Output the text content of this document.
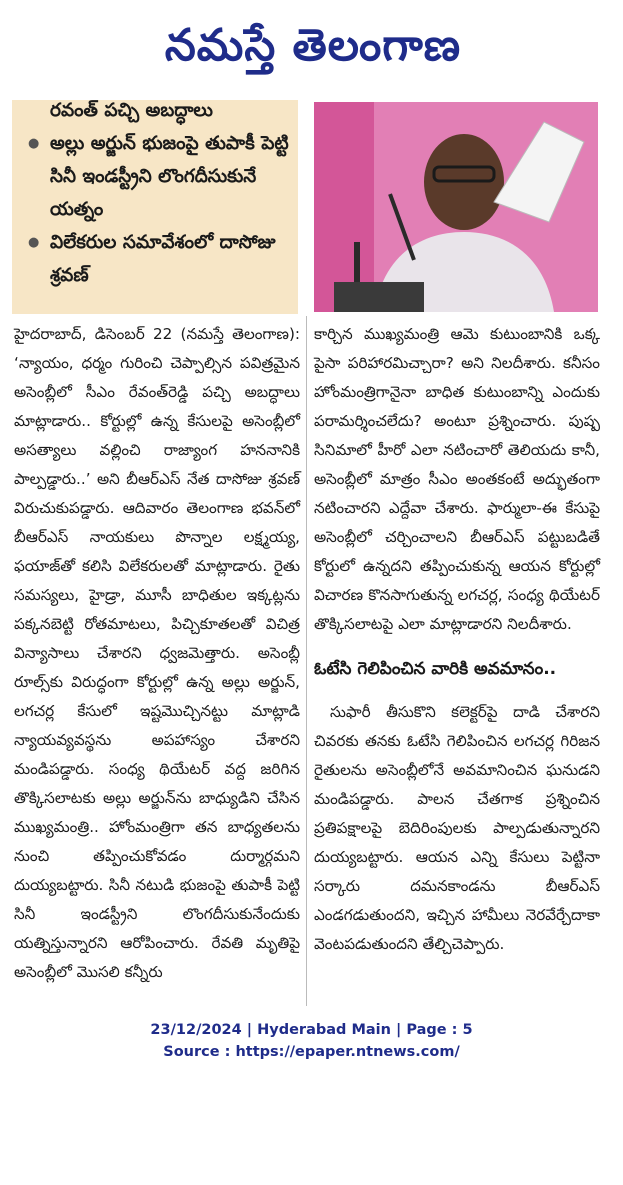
నమస్తే తెలంగాణ
రవంత్ పచ్చి అబద్ధాలు
● అల్లు అర్జున్ భుజంపై తుపాకీ పెట్టి సినీ ఇండస్ట్రీని లొంగదీసుకునే యత్నం
● విలేకరుల సమావేశంలో దాసోజు శ్రవణ్

హైదరాబాద్, డిసెంబర్ 22 (నమస్తే తెలంగాణ): ‘న్యాయం, ధర్మం గురించి చెప్పాల్సిన పవిత్రమైన అసెంబ్లీలో సీఎం రేవంత్‌రెడ్డి పచ్చి అబద్ధాలు మాట్లాడారు.. కోర్టుల్లో ఉన్న కేసులపై అసెంబ్లీలో అసత్యాలు వల్లించి రాజ్యాంగ హననానికి పాల్పడ్డారు..’ అని బీఆర్‌ఎస్ నేత దాసోజు శ్రవణ్ విరుచుకుపడ్డారు. ఆదివారం తెలంగాణ భవన్‌లో బీఆర్‌ఎస్ నాయకులు పొన్నాల లక్ష్మయ్య, ఫయాజ్‌తో కలిసి విలేకరులతో మాట్లాడారు. రైతు సమస్యలు, హైడ్రా, మూసీ బాధితుల ఇక్కట్లను పక్కనబెట్టి రోతమాటలు, పిచ్చికూతలతో విచిత్ర విన్యాసాలు చేశారని ధ్వజమెత్తారు. అసెంబ్లీ రూల్స్‌కు విరుద్ధంగా కోర్టుల్లో ఉన్న అల్లు అర్జున్, లగచర్ల కేసులో ఇష్టమొచ్చినట్టు మాట్లాడి న్యాయవ్యవస్థను అపహాస్యం చేశారని మండిపడ్డారు. సంధ్య థియేటర్ వద్ద జరిగిన తొక్కిసలాటకు అల్లు అర్జున్‌ను బాధ్యుడిని చేసిన ముఖ్యమంత్రి.. హోంమంత్రిగా తన బాధ్యతలను నుంచి తప్పించుకోవడం దుర్మార్గమని దుయ్యబట్టారు. సినీ నటుడి భుజంపై తుపాకీ పెట్టి సినీ ఇండస్ట్రీని లొంగదీసుకునేందుకు యత్నిస్తున్నారని ఆరోపించారు. రేవతి మృతిపై అసెంబ్లీలో మొసలి కన్నీరు

కార్చిన ముఖ్యమంత్రి ఆమె కుటుంబానికి ఒక్క పైసా పరిహారమిచ్చారా? అని నిలదీశారు. కనీసం హోంమంత్రిగానైనా బాధిత కుటుంబాన్ని ఎందుకు పరామర్శించలేదు? అంటూ ప్రశ్నించారు. పుష్ప సినిమాలో హీరో ఎలా నటించారో తెలియదు కానీ, అసెంబ్లీలో మాత్రం సీఎం అంతకంటే అద్భుతంగా నటించారని ఎద్దేవా చేశారు. ఫార్ములా-ఈ కేసుపై అసెంబ్లీలో చర్చించాలని బీఆర్‌ఎస్ పట్టుబడితే కోర్టులో ఉన్నదని తప్పించుకున్న ఆయన కోర్టుల్లో విచారణ కొనసాగుతున్న లగచర్ల, సంధ్య థియేటర్ తొక్కిసలాటపై ఎలా మాట్లాడారని నిలదీశారు.

ఓటేసి గెలిపించిన వారికి అవమానం..

సుఫారీ తీసుకొని కలెక్టర్‌పై దాడి చేశారని చివరకు తనకు ఓటేసి గెలిపించిన లగచర్ల గిరిజన రైతులను అసెంబ్లీలోనే అవమానించిన ఘనుడని మండిపడ్డారు. పాలన చేతగాక ప్రశ్నించిన ప్రతిపక్షాలపై బెదిరింపులకు పాల్పడుతున్నారని దుయ్యబట్టారు. ఆయన ఎన్ని కేసులు పెట్టినా సర్కారు దమనకాండను బీఆర్‌ఎస్ ఎండగడుతుందని, ఇచ్చిన హామీలు నెరవేర్చేదాకా వెంటపడుతుందని తేల్చిచెప్పారు.

23/12/2024 | Hyderabad Main | Page : 5
Source : https://epaper.ntnews.com/
